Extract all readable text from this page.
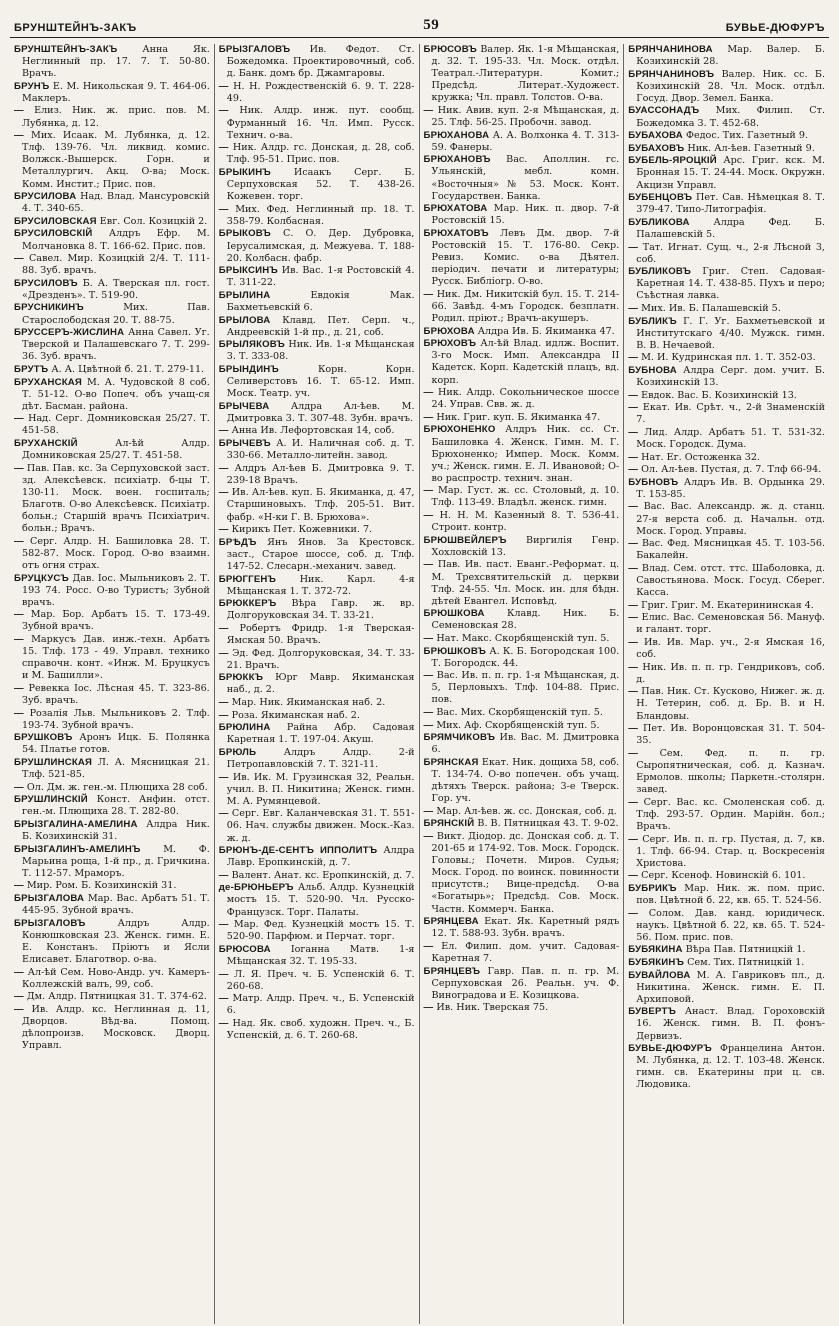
БРУНШТЕЙНЪ-ЗАКЪ	59	БУВЬЕ-ДЮФУРЪ
БРУНШТЕЙНЪ-ЗАКЪ	Анна Як. Неглинный пр. 17. 7. Т. 50-80. Врачъ.
БРУНЪ Е. М. Никольская 9. Т. 464-06. Маклеръ.
— Елиз. Ник. ж. прис. пов. М. Лубянка, д. 12.
— Мих. Исаак. М. Лубянка, д. 12. Тлф. 139-76. Чл. ликвид. комис. Волжск.-Вышерск. Горн. и Металлургич. Акц. О-ва; Моск. Комм. Инстит.; Прис. пов.
БРУСИЛОВА Над. Влад. Мансуровскій 4. Т. 340-65.
БРУСИЛОВСКАЯ Евг. Сол. Козицкій 2.
БРУСИЛОВСКІЙ Алдръ Ефр. М. Молчановка 8. Т. 166-62. Прис. пов.
— Савел. Мир. Козицкій 2/4. Т. 111-88. Зуб. врачъ.
БРУСИЛОВЪ Б. А. Тверская пл. гост. «Дрезденъ». Т. 519-90.
БРУСНИКИНЪ	Мих. Пав. Старослободская 20. Т. 88-75.
БРУССЕРЪ-ЖИСЛИНА Анна Савел. Уг. Тверской и Палашевскаго 7. Т. 299-36. Зуб. врачъ.
БРУТЪ А. А. Цвѣтной б. 21. Т. 279-11.
БРУХАНСКАЯ М. А. Чудовской 8 соб. Т. 51-12. О-во Попеч. объ учащ-ся дѣт. Басман. района.
— Над. Серг. Домниковская 25/27. Т. 451-58.
БРУХАНСКІЙ	Ал-ѣй Алдр. Домниковская 25/27. Т. 451-58.
— Пав. Пав. кс. За Серпуховской заст. зд. Алексѣевск. психіатр. б-цы Т. 130-11. Моск. воен. госпиталь; Благотв. О-во Алексѣевск. Психіатр. больн.; Старшій врачъ Психіатрич. больн.; Врачъ.
— Серг. Алдр. Н. Башиловка 28. Т. 582-87. Моск. Город. О-во взаимн. отъ огня страх.
БРУЦКУСЪ Дав. Іос. Мыльниковъ 2. Т. 193 74. Росс. О-во Туристъ; Зубной врачъ.
— Мар. Бор. Арбатъ 15. Т. 173-49. Зубной врачъ.
— Маркусъ Дав. инж.-техн. Арбатъ 15. Тлф. 173 - 49. Управл. технико справочн. конт. «Инж. М. Бруцкусъ и М. Башилли».
— Ревекка Іос. Лѣсная 45. Т. 323-86. Зуб. врачъ.
— Розалія Льв. Мыльниковъ 2. Тлф. 193-74. Зубной врачъ.
БРУШКОВЪ Аронъ Ицк. Б. Полянка 54. Платье готов.
БРУШЛИНСКАЯ Л. А. Мясницкая 21. Тлф. 521-85.
— Ол. Дм. ж. ген.-м. Плющиха 28 соб.
БРУШЛИНСКІЙ Конст. Анфин. отст. ген.-м. Плющиха 28. Т. 282-80.
БРЫЗГАЛИНА-АМЕЛИНА Алдра Ник. Б. Козихинскій 31.
БРЫЗГАЛИНЪ-АМЕЛИНЪ М. Ф. Марьина роща, 1-й пр., д. Гричкина. Т. 112-57. Мраморъ.
— Мир. Ром. Б. Козихинскій 31.
БРЫЗГАЛОВА Мар. Вас. Арбатъ 51. Т. 445-95. Зубной врачъ.
БРЫЗГАЛОВЪ	Алдръ Алдр. Конюшковская 23. Женск. гимн. Е. Е. Констанъ. Пріютъ и Ясли Елисавет. Благотвор. о-ва.
— Ал-ѣй Сем. Ново-Андр. уч. Камеръ-Коллежскій валъ, 99, соб.
— Дм. Алдр. Пятницкая 31. Т. 374-62.
— Ив. Алдр. кс. Неглинная д. 11, Дворцов. Вѣд-ва. Помощ. дѣлопроизв. Московск. Дворц. Управл.
БРЫЗГАЛОВЪ Ив. Федот. Ст. Божедомка. Проектировочный, соб. д. Банк. домъ бр. Джамгаровы.
— Н. Н. Рождественскій 6. 9. Т. 228-49.
— Ник. Алдр. инж. пут. сообщ. Фурманный 16. Чл. Имп. Русск. Технич. о-ва.
— Ник. Алдр. гс. Донская, д. 28, соб. Тлф. 95-51. Прис. пов.
БРЫКИНЪ Исаакъ Серг. Б. Серпуховская 52. Т. 438-26. Кожевен. торг.
— Мих. Фед. Неглинный пр. 18. Т. 358-79. Колбасная.
БРЫКОВЪ С. О. Дер. Дубровка, Іерусалимская, д. Межуева. Т. 188-20. Колбасн. фабр.
БРЫКСИНЪ Ив. Вас. 1-я Ростовскій 4. Т. 311-22.
БРЫЛИНА	Евдокія Мак. Бахметьевскій 6.
БРЫЛОВА Клавд. Пет. Серп. ч., Андреевскій 1-й пр., д. 21, соб.
БРЫЛЯКОВЪ Ник. Ив. 1-я Мѣщанская 3. Т. 333-08.
БРЫНДИНЪ	Корн. Корн. Селиверстовъ 16. Т. 65-12. Имп. Моск. Театр. уч.
БРЫЧЕВА Алдра Ал-ѣев. М. Дмитровка 3. Т. 307-48. Зубн. врачъ.
— Анна Ив. Лефортовская 14, соб.
БРЫЧЕВЪ А. И. Наличная соб. д. Т. 330-66. Металло-литейн. завод.
— Алдръ Ал-ѣев Б. Дмитровка 9. Т. 239-18 Врачъ.
— Ив. Ал-ѣев. куп. Б. Якиманка, д. 47, Старшиновыхъ. Тлф. 205-51. Вит. фабр. «Н-ки Г. В. Брюхова».
— Кирикъ Пет. Кожевники. 7.
БРѢДЪ Янъ Янов. За Крестовск. заст., Старое шоссе, соб. д. Тлф. 147-52. Слесарн.-механич. завед.
БРЮГГЕНЪ Ник. Карл. 4-я Мѣщанская 1. Т. 372-72.
БРЮККЕРЪ Вѣра Гавр. ж. вр. Долгоруковская 34. Т. 33-21.
— Робертъ Фридр. 1-я Тверская-Ямская 50. Врачъ.
— Эд. Фед. Долгоруковская, 34. Т. 33-21. Врачъ.
БРЮККЪ Юрг Мавр. Якиманская наб., д. 2.
— Мар. Ник. Якиманская наб. 2.
— Роза. Якиманская наб. 2.
БРЮЛИНА Райна Абр. Садовая Каретная 1. Т. 197-04. Акуш.
БРЮЛЬ	Алдръ Алдр. 2-й Петропавловскій 7. Т. 321-11.
— Ив. Ик. М. Грузинская 32, Реальн. учил. В. П. Никитина; Женск. гимн. М. А. Румянцевой.
— Серг. Евг. Каланчевская 31. Т. 551-06. Нач. службы движен. Моск.-Каз. ж. д.
БРЮНЪ-ДЕ-СЕНТЪ ИППОЛИТЪ Алдра Лавр. Еропкинскій, д. 7.
— Валент. Анат. кс. Еропкинскій, д. 7.
де-БРЮНЬЕРЪ Альб. Алдр. Кузнецкій мостъ 15. Т. 520-90. Чл. Русско-Французск. Торг. Палаты.
— Мар. Фед. Кузнецкій мостъ 15. Т. 520-90. Парфюм. и Перчат. торг.
БРЮСОВА Іоганна Матв. 1-я Мѣщанская 32. Т. 195-33.
— Л. Я. Преч. ч. Б. Успенскій 6. Т. 260-68.
— Матр. Алдр. Преч. ч., Б. Успенскій 6.
— Над. Як. своб. художн. Преч. ч., Б. Успенскій, д. 6. Т. 260-68.
БРЮСОВЪ Валер. Як. 1-я Мѣщанская, д. 32. Т. 195-33. Чл. Моск. отдѣл. Театрал.-Литературн. Комит.; Предсѣд. Литерат.-Художест. кружка; Чл. правл. Толстов. О-ва.
— Ник. Авив. куп. 2-я Мѣщанская, д. 25. Тлф. 56-25. Пробочн. завод.
БРЮХАНОВА А. А. Волхонка 4. Т. 313-59. Фанеры.
БРЮХАНОВЪ Вас. Аполлин. гс. Ульянскій, мебл. комн. «Восточныя» № 53. Моск. Конт. Государствен. Банка.
БРЮХАТОВА Мар. Ник. п. двор. 7-й Ростовскій 15.
БРЮХАТОВЪ Левъ Дм. двор. 7-й Ростовскій 15. Т. 176-80. Секр. Ревиз. Комис. о-ва Дѣятел. періодич. печати и литературы; Русск. Библіогр. О-во.
— Ник. Дм. Никитскій бул. 15. Т. 214-66. Завѣд. 4-мъ Городск. безплатн. Родил. пріют.; Врачъ-акушеръ.
БРЮХОВА Алдра Ив. Б. Якиманка 47.
БРЮХОВЪ Ал-ѣй Влад. идлж. Воспит. 3-го Моск. Имп. Александра II Кадетск. Корп. Кадетскій плацъ, вд. корп.
— Ник. Алдр. Сокольническое шоссе 24. Управ. Свв. ж. д.
— Ник. Григ. куп. Б. Якиманка 47.
БРЮХОНЕНКО Алдръ Ник. сс. Ст. Башиловка 4. Женск. Гимн. М. Г. Брюхоненко; Импер. Моск. Комм. уч.; Женск. гимн. Е. Л. Ивановой; О-во распростр. технич. знан.
— Мар. Густ. ж. сс. Столовый, д. 10. Тлф. 113-49. Владѣл. женск. гимн.
— Н. Н. М. Казенный 8. Т. 536-41. Строит. контр.
БРЮШВЕЙЛЕРЪ Виргилія Генр. Хохловскій 13.
— Пав. Ив. паст. Еванг.-Реформат. ц. М. Трехсвятительскій д. церкви Тлф. 24-55. Чл. Моск. ин. для бѣдн. дѣтей Евангел. Исповѣд.
БРЮШКОВА Клавд. Ник. Б. Семеновская 28.
— Нат. Макс. Скорбященскій туп. 5.
БРЮШКОВЪ А. К. Б. Богородская 100. Т. Богородск. 44.
— Вас. Ив. п. п. гр. 1-я Мѣщанская, д. 5, Перловыхъ. Тлф. 104-88. Прис. пов.
— Вас. Мих. Скорбященскій туп. 5.
— Мих. Аф. Скорбященскій туп. 5.
БРЯМЧИКОВЪ Ив. Вас. М. Дмитровка 6.
БРЯНСКАЯ Екат. Ник. дощиха 58, соб. Т. 134-74. О-во попечен. объ учащ. дѣтяхъ Тверск. района; 3-е Тверск. Гор. уч.
— Мар. Ал-ѣев. ж. сс. Донская, соб. д.
БРЯНСКІЙ В. В. Пятницкая 43. Т. 9-02.
— Викт. Діодор. дс. Донская соб. д. Т. 201-65 и 174-92. Тов. Моск. Городск. Головы.; Почетн. Миров. Судья; Моск. Город. по воинск. повинности присутств.; Вице-предсѣд. О-ва «Богатырь»; Предсѣд. Сов. Моск. Частн. Коммерч. Банка.
БРЯНЦЕВА Екат. Як. Каретный рядъ 12. Т. 588-93. Зубн. врачъ.
— Ел. Филип. дом. учит. Садовая-Каретная 7.
БРЯНЦЕВЪ Гавр. Пав. п. п. гр. М. Серпуховская 26. Реальн. уч. Ф. Виноградова и Е. Козицкова.
— Ив. Ник. Тверская 75.
БРЯНЧАНИНОВА Мар. Валер. Б. Козихинскій 28.
БРЯНЧАНИНОВЪ Валер. Ник. сс. Б. Козихинскій 28. Чл. Моск. отдѣл. Госуд. Двор. Земел. Банка.
БУАССОНАДЪ Мих. Филип. Ст. Божедомка 3. Т. 452-68.
БУБАХОВА Федос. Тих. Газетный 9.
БУБАХОВЪ Ник. Ал-ѣев. Газетный 9.
БУБЕЛЬ-ЯРОЦКІЙ Арс. Григ. кск. М. Бронная 15. Т. 24-44. Моск. Окружн. Акцизн Управл.
БУБЕНЦОВЪ Пет. Сав. Нѣмецкая 8. Т. 379-47. Типо-Литографія.
БУБЛИКОВА Алдра Фед. Б. Палашевскій 5.
— Тат. Игнат. Сущ. ч., 2-я Лѣсной 3, соб.
БУБЛИКОВЪ Григ. Степ. Садовая-Каретная 14. Т. 438-85. Пухъ и перо; Съѣстная лавка.
— Мих. Ив. Б. Палашевскій 5.
БУБЛИКЪ Г. Г. Уг. Бахметьевской и Институтскаго 4/40. Мужск. гимн. В. В. Нечаевой.
— М. И. Кудринская пл. 1. Т. 352-03.
БУБНОВА Алдра Серг. дом. учит. Б. Козихинскій 13.
— Евдок. Вас. Б. Козихинскій 13.
— Екат. Ив. Срѣт. ч., 2-й Знаменскій 7.
— Лид. Алдр. Арбатъ 51. Т. 531-32. Моск. Городск. Дума.
— Нат. Ег. Остоженка 32.
— Ол. Ал-ѣев. Пустая, д. 7. Тлф 66-94.
БУБНОВЪ Алдръ Ив. В. Ордынка 29. Т. 153-85.
— Вас. Вас. Александр. ж. д. станц. 27-я верста соб. д. Начальн. отд. Моск. Город. Управы.
— Вас. Фед. Мясницкая 45. Т. 103-56. Бакалейн.
— Влад. Сем. отст. ттс. Шаболовка, д. Савостьянова. Моск. Госуд. Сберег. Касса.
— Григ. Григ. М. Екатерининская 4.
— Елис. Вас. Семеновская 56. Мануф. и галант. торг.
— Ив. Ив. Мар. уч., 2-я Ямская 16, соб.
— Ник. Ив. п. п. гр. Гендриковъ, соб. д.
— Пав. Ник. Ст. Кусково, Нижег. ж. д. Н. Тетерин, соб. д. Бр. В. и Н. Бландовы.
— Пет. Ив. Воронцовская 31. Т. 504-35.
— Сем. Фед. п. п. гр. Сыропятническая, соб. д. Казнач. Ермолов. школы; Паркетн.-столярн. завед.
— Серг. Вас. кс. Смоленская соб. д. Тлф. 293-57. Ордин. Марійн. бол.; Врачъ.
— Серг. Ив. п. п. гр. Пустая, д. 7, кв. 1. Тлф. 66-94. Стар. ц. Воскресенія Христова.
— Серг. Ксеноф. Новинскій 6. 101.
БУБРИКЪ Мар. Ник. ж. пом. прис. пов. Цвѣтной б. 22, кв. 65. Т. 524-56.
— Солом. Дав. канд. юридическ. наукъ. Цвѣтной б. 22, кв. 65. Т. 524-56. Пом. прис. пов.
БУБЯКИНА Вѣра Пав. Пятницкій 1.
БУБЯКИНЪ Сем. Тих. Пятницкій 1.
БУВАЙЛОВА М. А. Гавриковъ пл., д. Никитина. Женск. гимн. Е. П. Архиповой.
БУВЕРТЪ Анаст. Влад. Гороховскій 16. Женск. гимн. В. П. фонъ-Дервизъ.
БУВЬЕ-ДЮФУРЪ Францелина Антон. М. Лубянка, д. 12. Т. 103-48. Женск. гимн. св. Екатерины при ц. св. Людовика.
